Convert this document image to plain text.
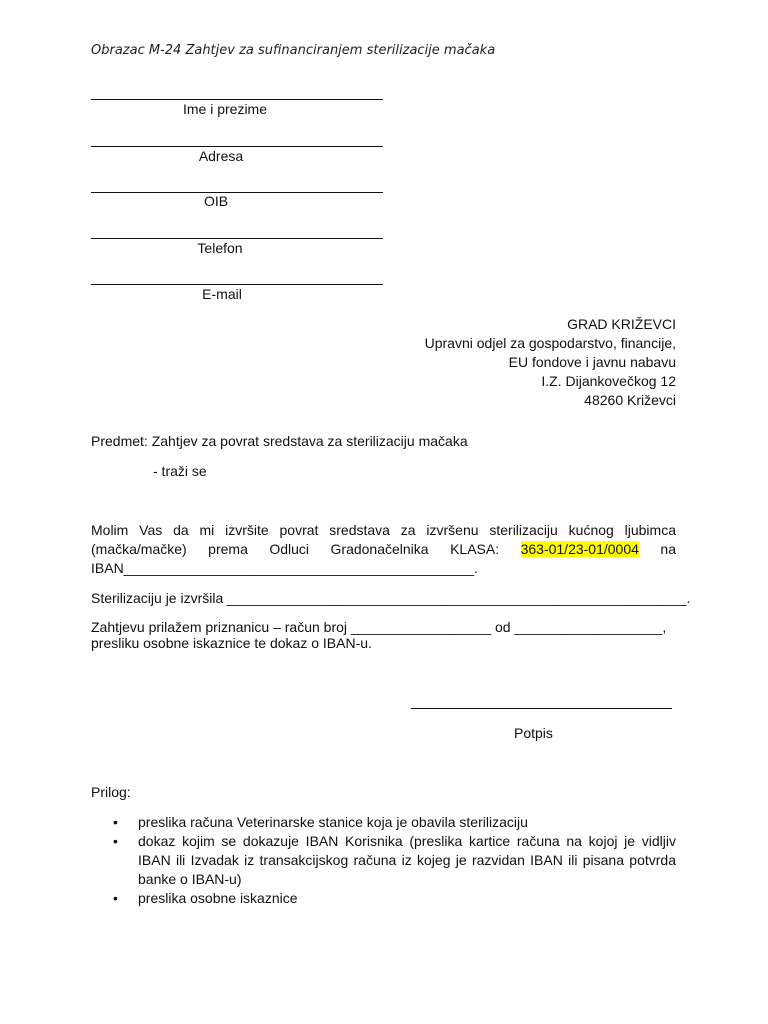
Obrazac M-24 Zahtjev za sufinanciranjem sterilizacije mačaka
Ime i prezime
Adresa
OIB
Telefon
E-mail
GRAD KRIŽEVCI
Upravni odjel za gospodarstvo, financije,
EU fondove i javnu nabavu
I.Z. Dijankovečkog 12
48260 Križevci
Predmet: Zahtjev za povrat sredstava za sterilizaciju mačaka
- traži se
Molim Vas da mi izvršite povrat sredstava za izvršenu sterilizaciju kućnog ljubimca (mačka/mačke) prema Odluci Gradonačelnika KLASA: 363-01/23-01/0004 na IBAN_____________________________________________.
Sterilizaciju je izvršila ___________________________________________________________.
Zahtjevu prilažem priznanicu – račun broj __________________ od ___________________,
presliku osobne iskaznice te dokaz o IBAN-u.
Potpis
Prilog:
• preslika računa Veterinarske stanice koja je obavila sterilizaciju
• dokaz kojim se dokazuje IBAN Korisnika (preslika kartice računa na kojoj je vidljiv IBAN ili Izvadak iz transakcijskog računa iz kojeg je razvidan IBAN ili pisana potvrda banke o IBAN-u)
• preslika osobne iskaznice
